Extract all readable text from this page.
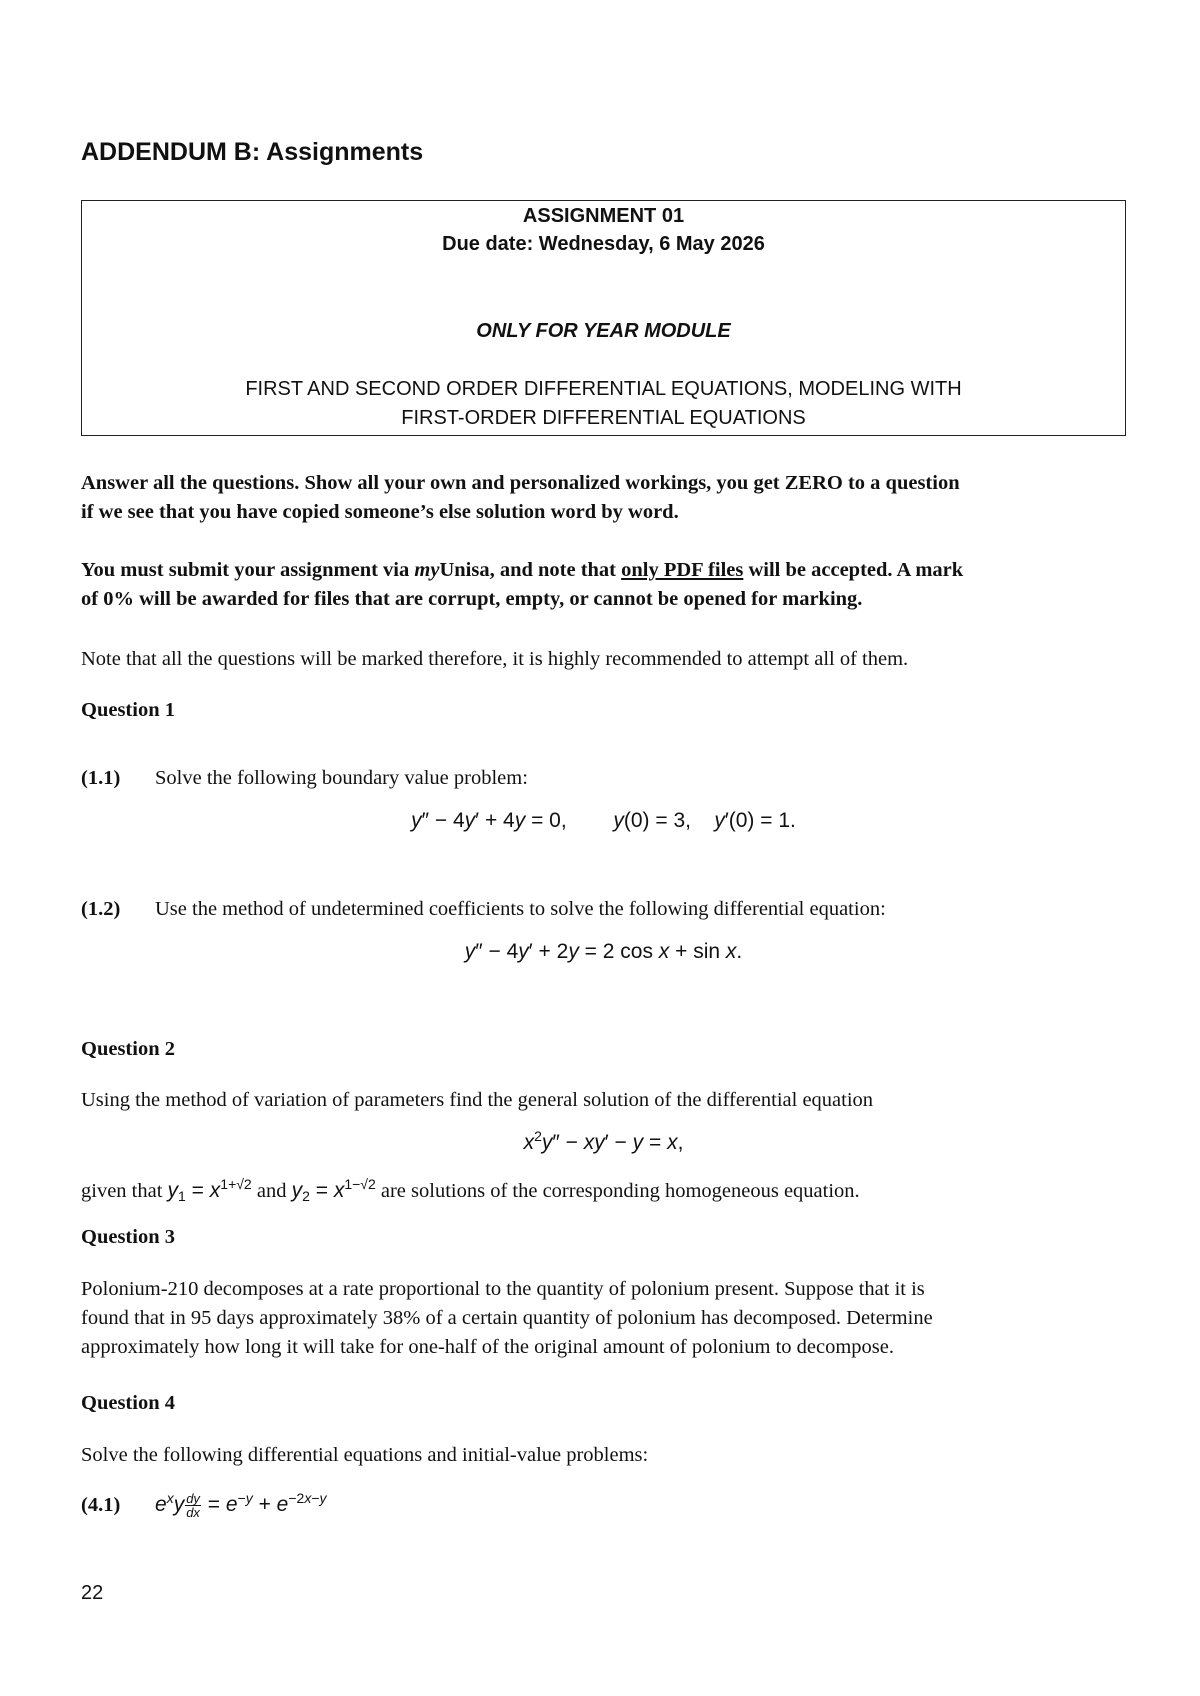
ADDENDUM B: Assignments
ASSIGNMENT 01
Due date: Wednesday, 6 May 2026
ONLY FOR YEAR MODULE
FIRST AND SECOND ORDER DIFFERENTIAL EQUATIONS, MODELING WITH
FIRST-ORDER DIFFERENTIAL EQUATIONS
Answer all the questions. Show all your own and personalized workings, you get ZERO to a question
if we see that you have copied someone’s else solution word by word.
You must submit your assignment via myUnisa, and note that only PDF files will be accepted. A mark
of 0% will be awarded for files that are corrupt, empty, or cannot be opened for marking.
Note that all the questions will be marked therefore, it is highly recommended to attempt all of them.
Question 1
(1.1) Solve the following boundary value problem:
y″ − 4y′ + 4y = 0,        y(0) = 3,    y′(0) = 1.
(1.2) Use the method of undetermined coefficients to solve the following differential equation:
y″ − 4y′ + 2y = 2 cos x + sin x.
Question 2
Using the method of variation of parameters find the general solution of the differential equation
$x^2y'' - xy' - y = x$,
given that $y_1 = x^{1+√2}$ and $y_2 = x^{1-√2}$ are solutions of the corresponding homogeneous equation.
Question 3
Polonium-210 decomposes at a rate proportional to the quantity of polonium present. Suppose that it is
found that in 95 days approximately 38% of a certain quantity of polonium has decomposed. Determine
approximately how long it will take for one-half of the original amount of polonium to decompose.
Question 4
Solve the following differential equations and initial-value problems:
(4.1) $e^xy \frac{dy}{dx} = e^{-y} + e^{-2x-y}$
22
